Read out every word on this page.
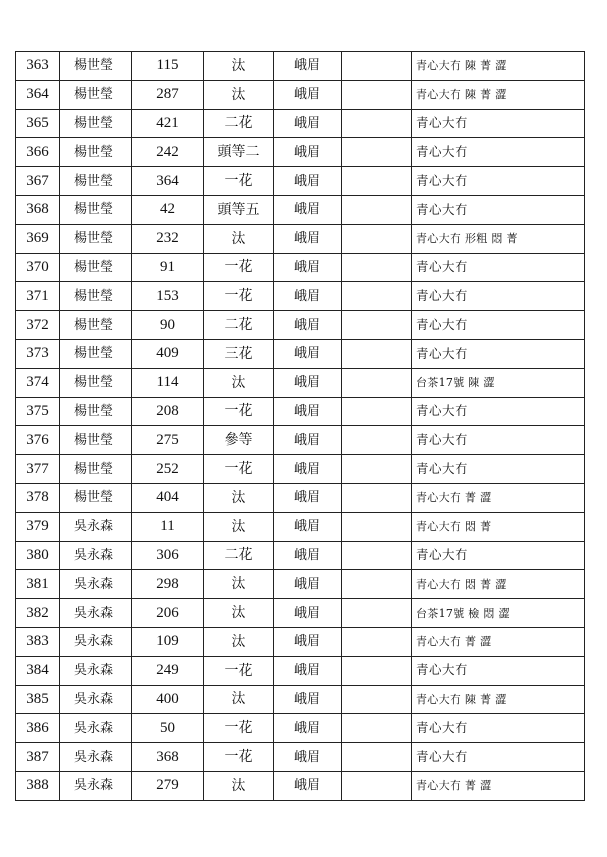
363	楊世瑩	115	汰	峨眉		青心大冇 陳 菁 澀
364	楊世瑩	287	汰	峨眉		青心大冇 陳 菁 澀
365	楊世瑩	421	二花	峨眉		青心大冇
366	楊世瑩	242	頭等二	峨眉		青心大冇
367	楊世瑩	364	一花	峨眉		青心大冇
368	楊世瑩	42	頭等五	峨眉		青心大冇
369	楊世瑩	232	汰	峨眉		青心大冇 形粗 悶 菁
370	楊世瑩	91	一花	峨眉		青心大冇
371	楊世瑩	153	一花	峨眉		青心大冇
372	楊世瑩	90	二花	峨眉		青心大冇
373	楊世瑩	409	三花	峨眉		青心大冇
374	楊世瑩	114	汰	峨眉		台茶17號 陳 澀
375	楊世瑩	208	一花	峨眉		青心大冇
376	楊世瑩	275	參等	峨眉		青心大冇
377	楊世瑩	252	一花	峨眉		青心大冇
378	楊世瑩	404	汰	峨眉		青心大冇 菁 澀
379	吳永森	11	汰	峨眉		青心大冇 悶 菁
380	吳永森	306	二花	峨眉		青心大冇
381	吳永森	298	汰	峨眉		青心大冇 悶 菁 澀
382	吳永森	206	汰	峨眉		台茶17號 檢 悶 澀
383	吳永森	109	汰	峨眉		青心大冇 菁 澀
384	吳永森	249	一花	峨眉		青心大冇
385	吳永森	400	汰	峨眉		青心大冇 陳 菁 澀
386	吳永森	50	一花	峨眉		青心大冇
387	吳永森	368	一花	峨眉		青心大冇
388	吳永森	279	汰	峨眉		青心大冇 菁 澀
